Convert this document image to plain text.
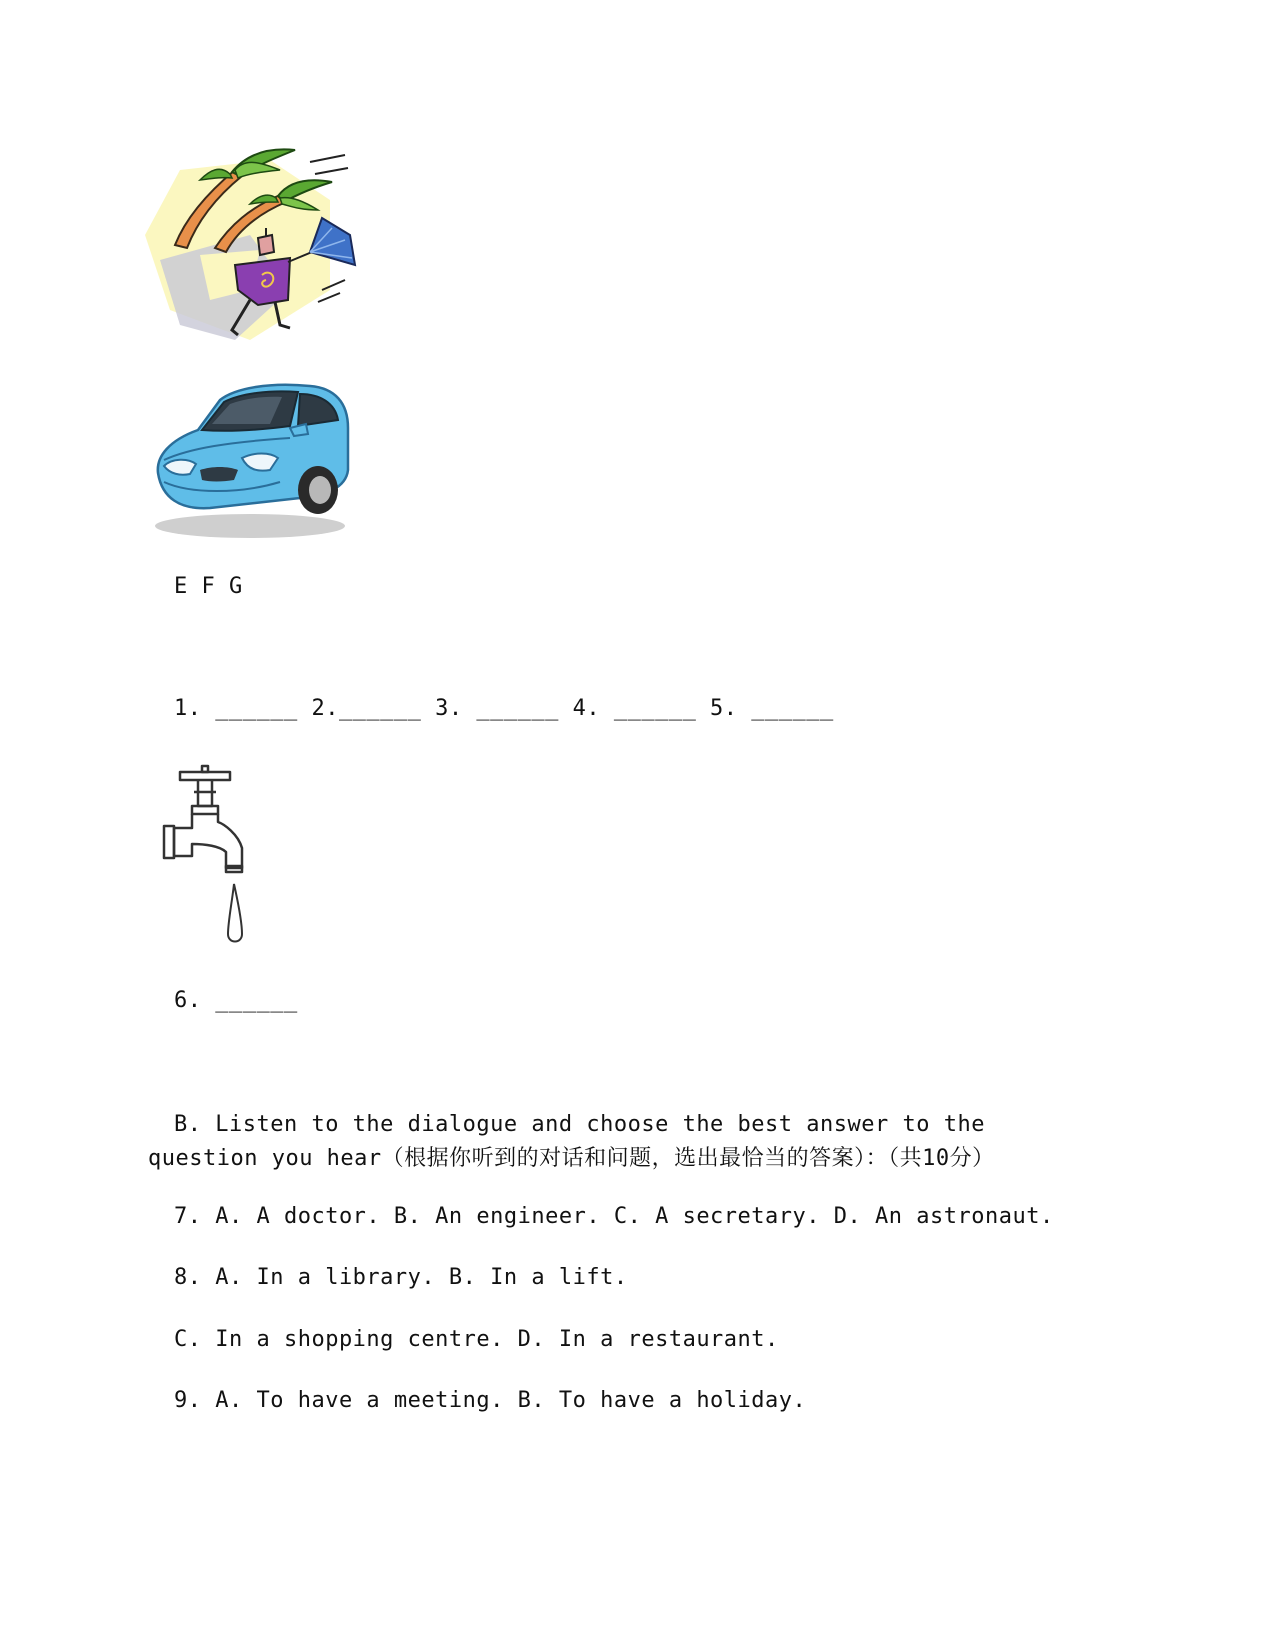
E F G
1. ______ 2.______ 3. ______ 4. ______ 5. ______
6. ______
B. Listen to the dialogue and choose the best answer to the question you hear（根据你听到的对话和问题，选出最恰当的答案）：（共10分）
7. A. A doctor. B. An engineer. C. A secretary. D. An astronaut.
8. A. In a library. B. In a lift.
C. In a shopping centre. D. In a restaurant.
9. A. To have a meeting. B. To have a holiday.
